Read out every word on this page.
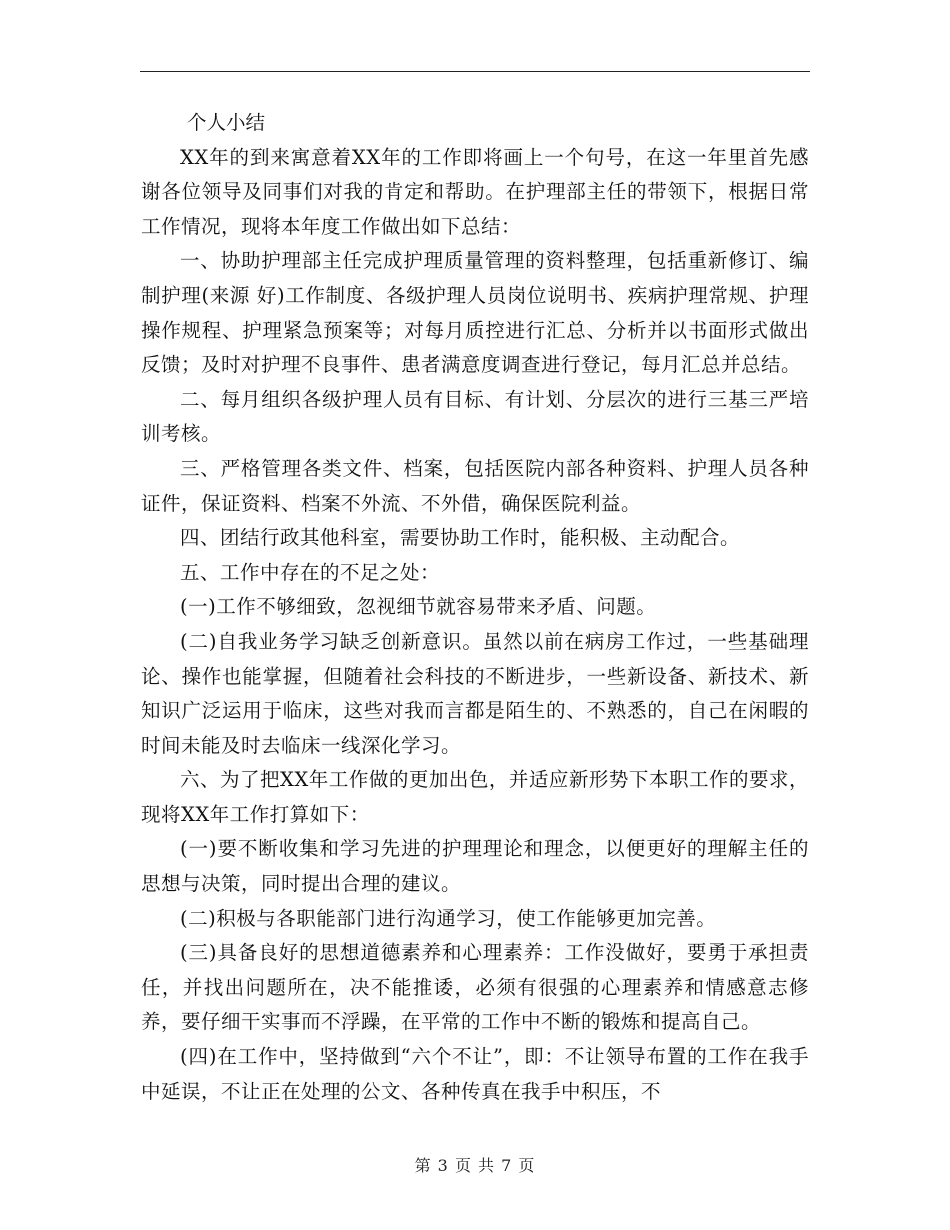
个人小结

XX年的到来寓意着XX年的工作即将画上一个句号，在这一年里首先感谢各位领导及同事们对我的肯定和帮助。在护理部主任的带领下，根据日常工作情况，现将本年度工作做出如下总结：

一、协助护理部主任完成护理质量管理的资料整理，包括重新修订、编制护理(来源 好)工作制度、各级护理人员岗位说明书、疾病护理常规、护理操作规程、护理紧急预案等；对每月质控进行汇总、分析并以书面形式做出反馈；及时对护理不良事件、患者满意度调查进行登记，每月汇总并总结。

二、每月组织各级护理人员有目标、有计划、分层次的进行三基三严培训考核。

三、严格管理各类文件、档案，包括医院内部各种资料、护理人员各种证件，保证资料、档案不外流、不外借，确保医院利益。

四、团结行政其他科室，需要协助工作时，能积极、主动配合。

五、工作中存在的不足之处：

(一)工作不够细致，忽视细节就容易带来矛盾、问题。

(二)自我业务学习缺乏创新意识。虽然以前在病房工作过，一些基础理论、操作也能掌握，但随着社会科技的不断进步，一些新设备、新技术、新知识广泛运用于临床，这些对我而言都是陌生的、不熟悉的，自己在闲暇的时间未能及时去临床一线深化学习。

六、为了把XX年工作做的更加出色，并适应新形势下本职工作的要求，现将XX年工作打算如下：

(一)要不断收集和学习先进的护理理论和理念，以便更好的理解主任的思想与决策，同时提出合理的建议。

(二)积极与各职能部门进行沟通学习，使工作能够更加完善。

(三)具备良好的思想道德素养和心理素养：工作没做好，要勇于承担责任，并找出问题所在，决不能推诿，必须有很强的心理素养和情感意志修养，要仔细干实事而不浮躁，在平常的工作中不断的锻炼和提高自己。

(四)在工作中，坚持做到“六个不让”，即：不让领导布置的工作在我手中延误，不让正在处理的公文、各种传真在我手中积压，不

第 3 页 共 7 页
